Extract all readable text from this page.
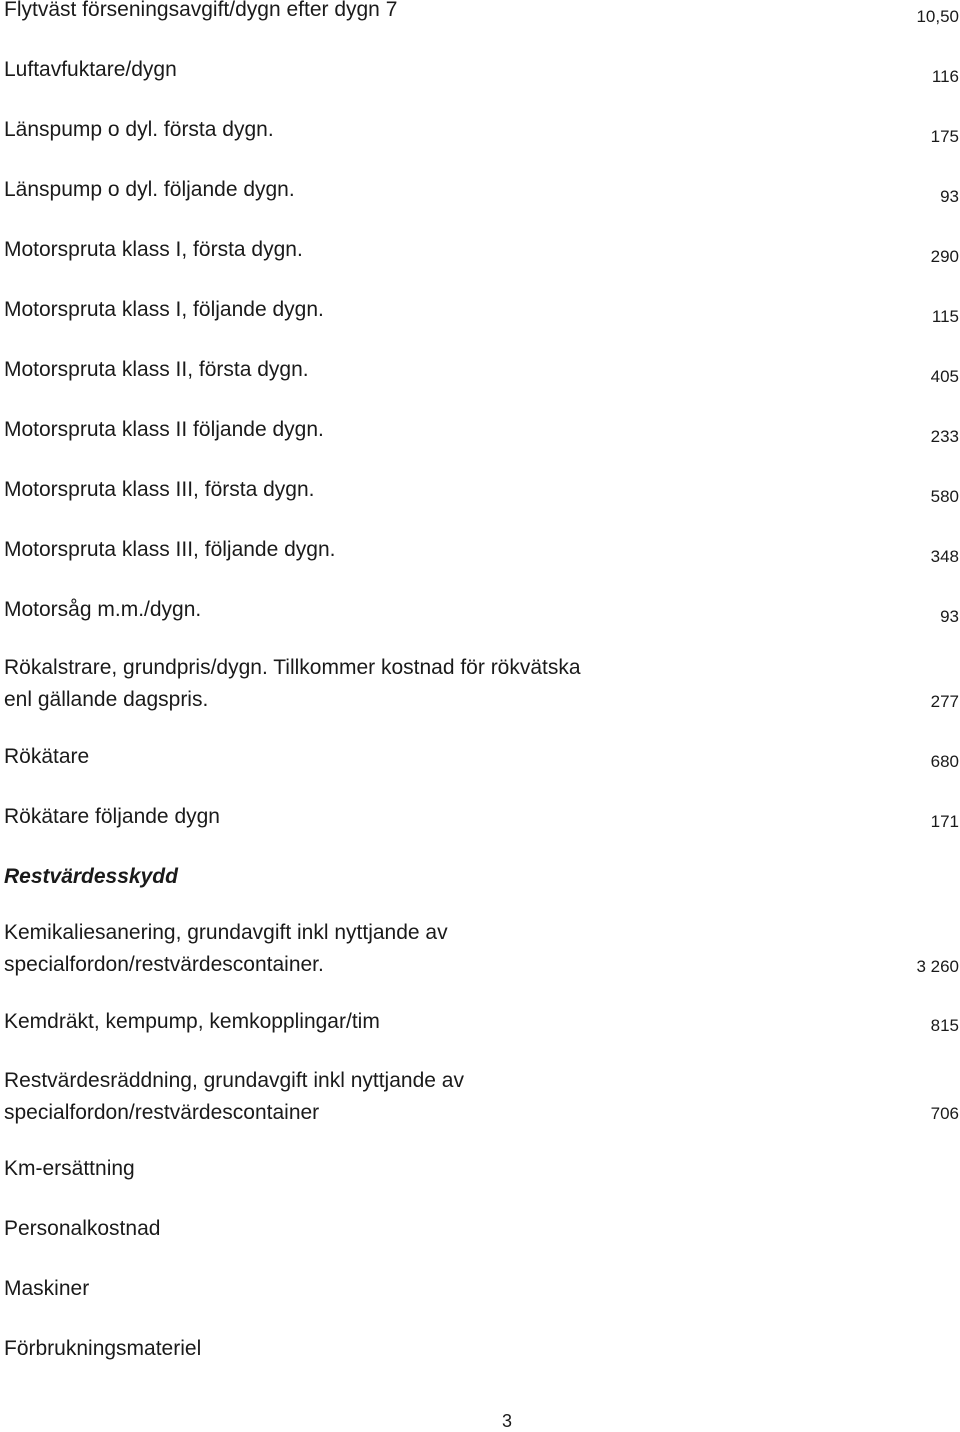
Flytväst förseningsavgift/dygn efter dygn 7	10,50
Luftavfuktare/dygn	116
Länspump o dyl. första dygn.	175
Länspump o dyl. följande dygn.	93
Motorspruta klass I, första dygn.	290
Motorspruta klass I, följande dygn.	115
Motorspruta klass II, första dygn.	405
Motorspruta klass II följande dygn.	233
Motorspruta klass III, första dygn.	580
Motorspruta klass III, följande dygn.	348
Motorsåg m.m./dygn.	93
Rökalstrare, grundpris/dygn. Tillkommer kostnad för rökvätska
enl gällande dagspris.	277
Rökätare	680
Rökätare följande dygn	171
Restvärdesskydd
Kemikaliesanering, grundavgift inkl nyttjande av
specialfordon/restvärdescontainer.	3 260
Kemdräkt, kempump, kemkopplingar/tim	815
Restvärdesräddning, grundavgift inkl nyttjande av
specialfordon/restvärdescontainer	706
Km-ersättning
Personalkostnad
Maskiner
Förbrukningsmateriel
3
